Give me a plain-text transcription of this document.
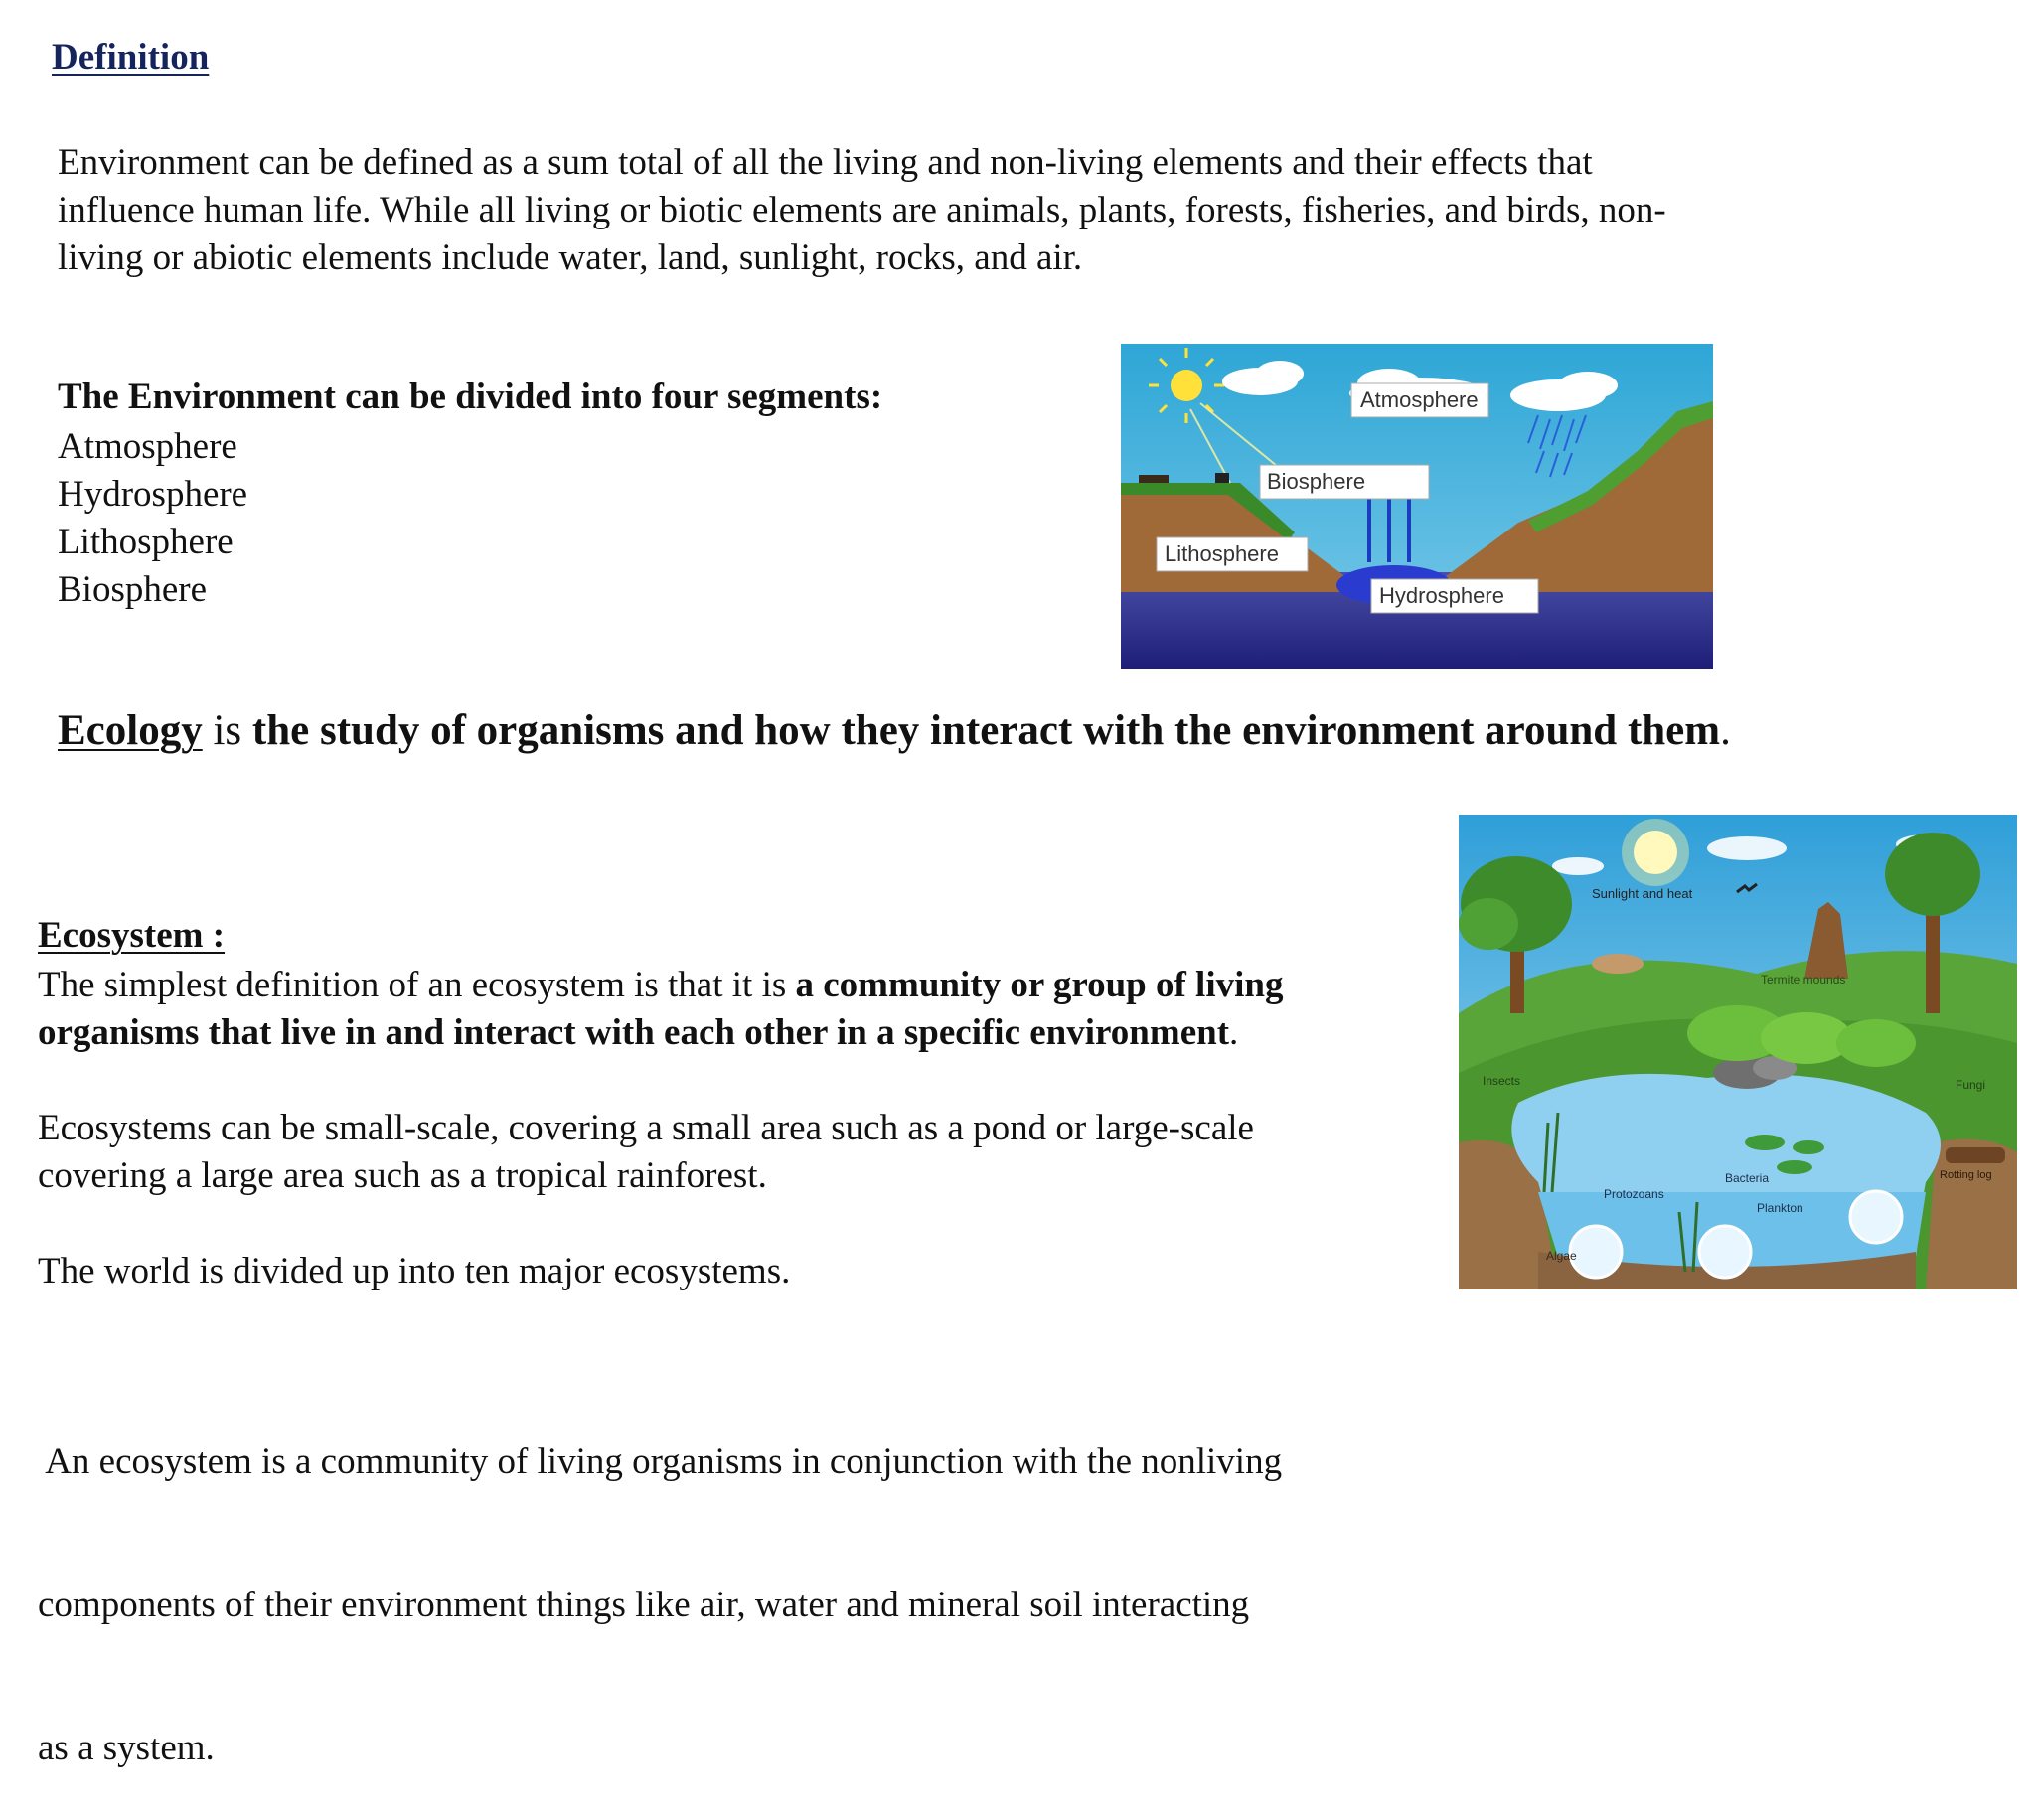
Definition

Environment can be defined as a sum total of all the living and non-living elements and their effects that

influence human life. While all living or biotic elements are animals, plants, forests, fisheries, and birds, non-

living or abiotic elements include water, land, sunlight, rocks, and air.

The Environment can be divided into four segments:
Atmosphere
Hydrosphere
Lithosphere
Biosphere
Atmosphere
Biosphere
Lithosphere
Hydrosphere
Ecology is the study of organisms and how they interact with the environment around them.
Ecosystem :

The simplest definition of an ecosystem is that it is a community or group of living

organisms that live in and interact with each other in a specific environment.

Ecosystems can be small-scale, covering a small area such as a pond or large-scale

covering a large area such as a tropical rainforest.

The world is divided up into ten major ecosystems.

An ecosystem is a community of living organisms in conjunction with the nonliving

components of their environment things like air, water and mineral soil interacting

as a system.

Sunlight and heat
Termite mounds
Insects	Fungi
Bacteria
Protozoans
Plankton
Algae
Rotting log
